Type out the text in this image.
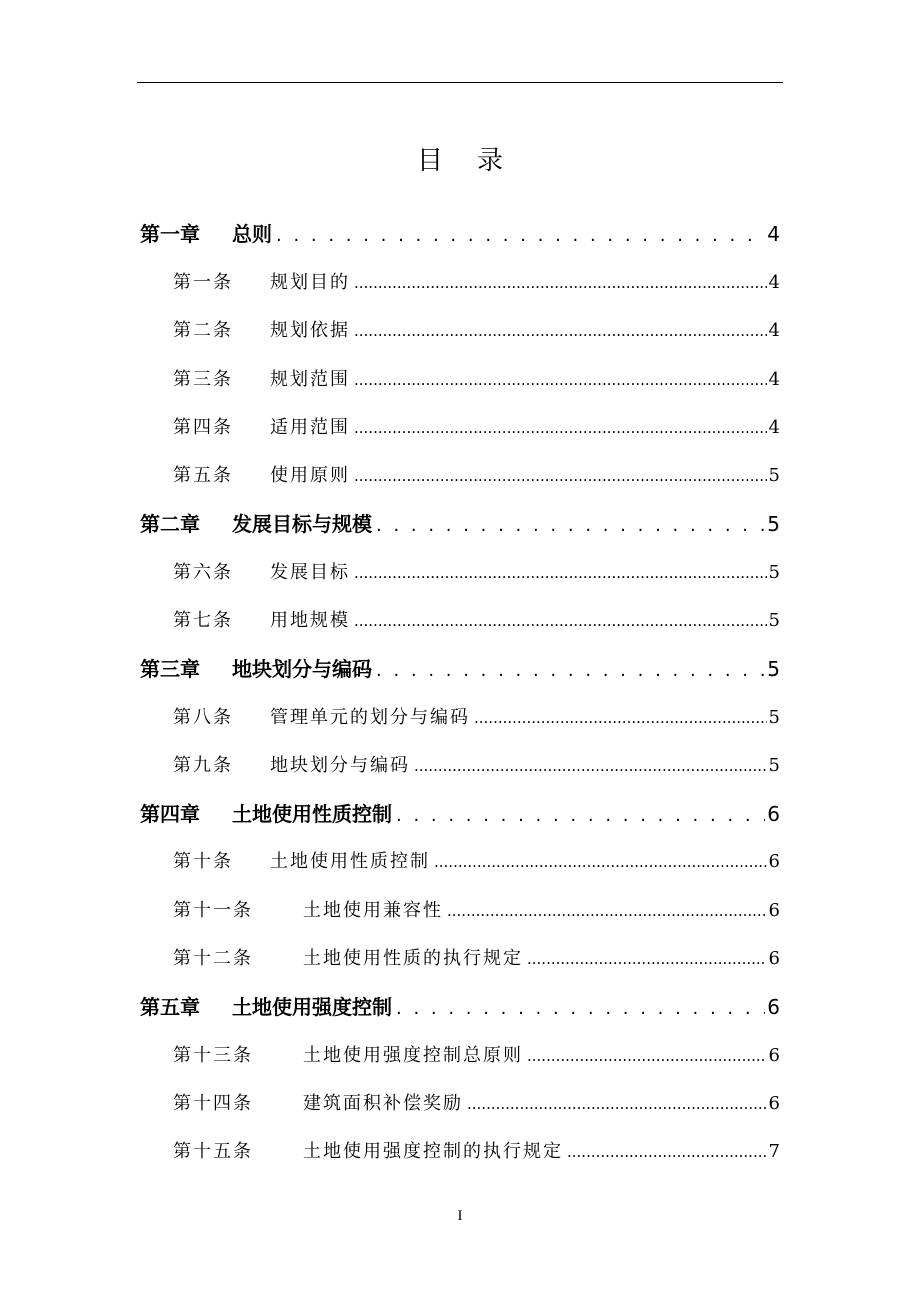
目录
第一章	总则 . . .	4
第一条	规划目的 .....	4
第二条	规划依据 .....	4
第三条	规划范围 .....	4
第四条	适用范围 .....	4
第五条	使用原则 .....	5
第二章	发展目标与规模 . . .	5
第六条	发展目标 .....	5
第七条	用地规模 .....	5
第三章	地块划分与编码 . . .	5
第八条	管理单元的划分与编码 .....	5
第九条	地块划分与编码 .....	5
第四章	土地使用性质控制 . . .	6
第十条	土地使用性质控制 .....	6
第十一条	土地使用兼容性 .....	6
第十二条	土地使用性质的执行规定 .....	6
第五章	土地使用强度控制 . . .	6
第十三条	土地使用强度控制总原则 .....	6
第十四条	建筑面积补偿奖励 .....	6
第十五条	土地使用强度控制的执行规定 .....	7
I
